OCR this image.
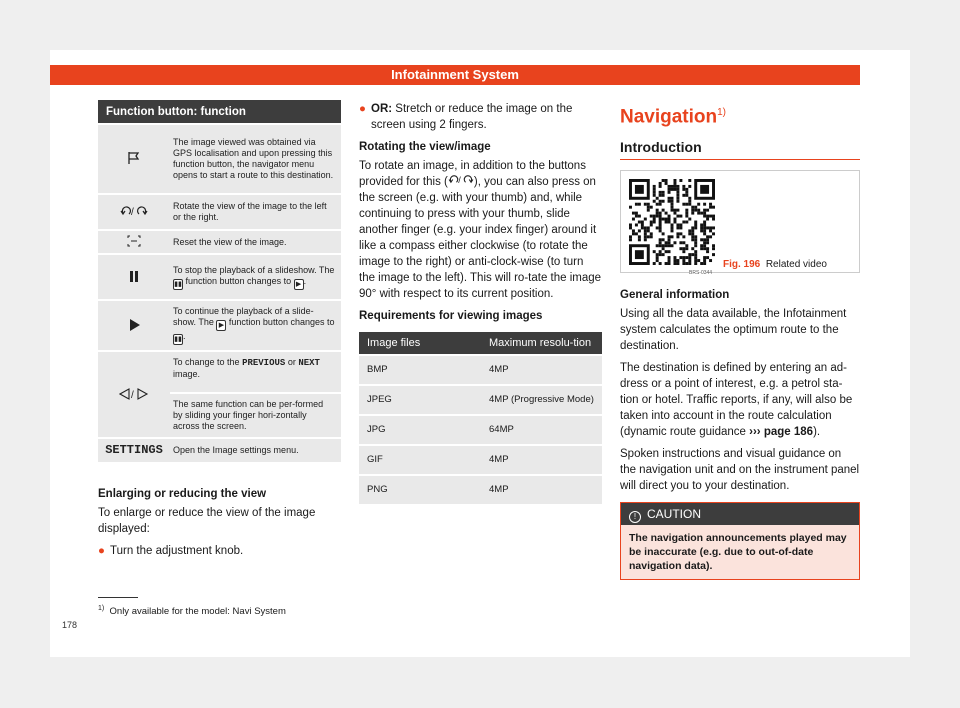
Infotainment System
Function button: function	
	The image viewed was obtained via GPS localisation and upon pressing this function button, the navigator menu opens to start a route to this destination.

/	Rotate the view of the image to the left or the right.
	Reset the view of the image.
	To stop the playback of a slideshow. The ▮▮ function button changes to ▶ .
	To continue the playback of a slide-show. The ▶ function button changes to ▮▮.

/	To change to the PREVIOUS or NEXT image.
The same function can be per-formed by sliding your finger hori-zontally across the screen.

SETTINGS	Open the Image settings menu.

Enlarging or reducing the view

To enlarge or reduce the view of the image displayed:

● Turn the adjustment knob.

● OR: Stretch or reduce the image on the screen using 2 fingers.

Rotating the view/image

To rotate an image, in addition to the buttons provided for this ( / ), you can also press on the screen (e.g. with your thumb) and, while continuing to press with your thumb, slide another finger (e.g. your index finger) around it like a compass either clockwise (to rotate the image to the right) or anti-clock-wise (to turn the image to the left). This will ro-tate the image 90° with respect to its current position.

Requirements for viewing images

Image files	Maximum resolu-tion
BMP	4MP
JPEG	4MP (Progressive Mode)
JPG	64MP
GIF	4MP
PNG	4MP
Navigation$^{1)}$
Introduction
BRS-0344
Fig. 196 Related video

General information

Using all the data available, the Infotainment system calculates the optimum route to the destination.

The destination is defined by entering an ad-dress or a point of interest, e.g. a petrol sta-tion or hotel. Traffic reports, if any, will also be taken into account in the route calculation (dynamic route guidance ››› page 186).

Spoken instructions and visual guidance on the navigation unit and on the instrument panel will direct you to your destination.

! CAUTION
The navigation announcements played may be inaccurate (e.g. due to out-of-date navigation data).
$^{1)}$ Only available for the model: Navi System
178
